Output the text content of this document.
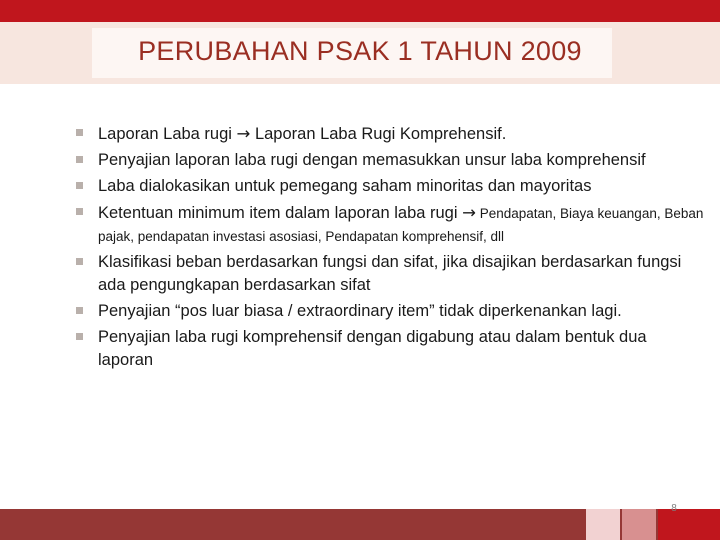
PERUBAHAN PSAK 1 TAHUN 2009
Laporan Laba rugi → Laporan Laba Rugi Komprehensif.
Penyajian laporan laba rugi dengan memasukkan unsur laba komprehensif
Laba dialokasikan untuk pemegang saham minoritas dan mayoritas
Ketentuan minimum item dalam laporan laba rugi → Pendapatan, Biaya keuangan, Beban pajak, pendapatan investasi asosiasi, Pendapatan komprehensif, dll
Klasifikasi beban berdasarkan fungsi dan sifat, jika disajikan berdasarkan fungsi ada pengungkapan berdasarkan sifat
Penyajian “pos luar biasa / extraordinary item” tidak diperkenankan lagi.
Penyajian laba rugi komprehensif dengan digabung atau dalam bentuk dua laporan
8
